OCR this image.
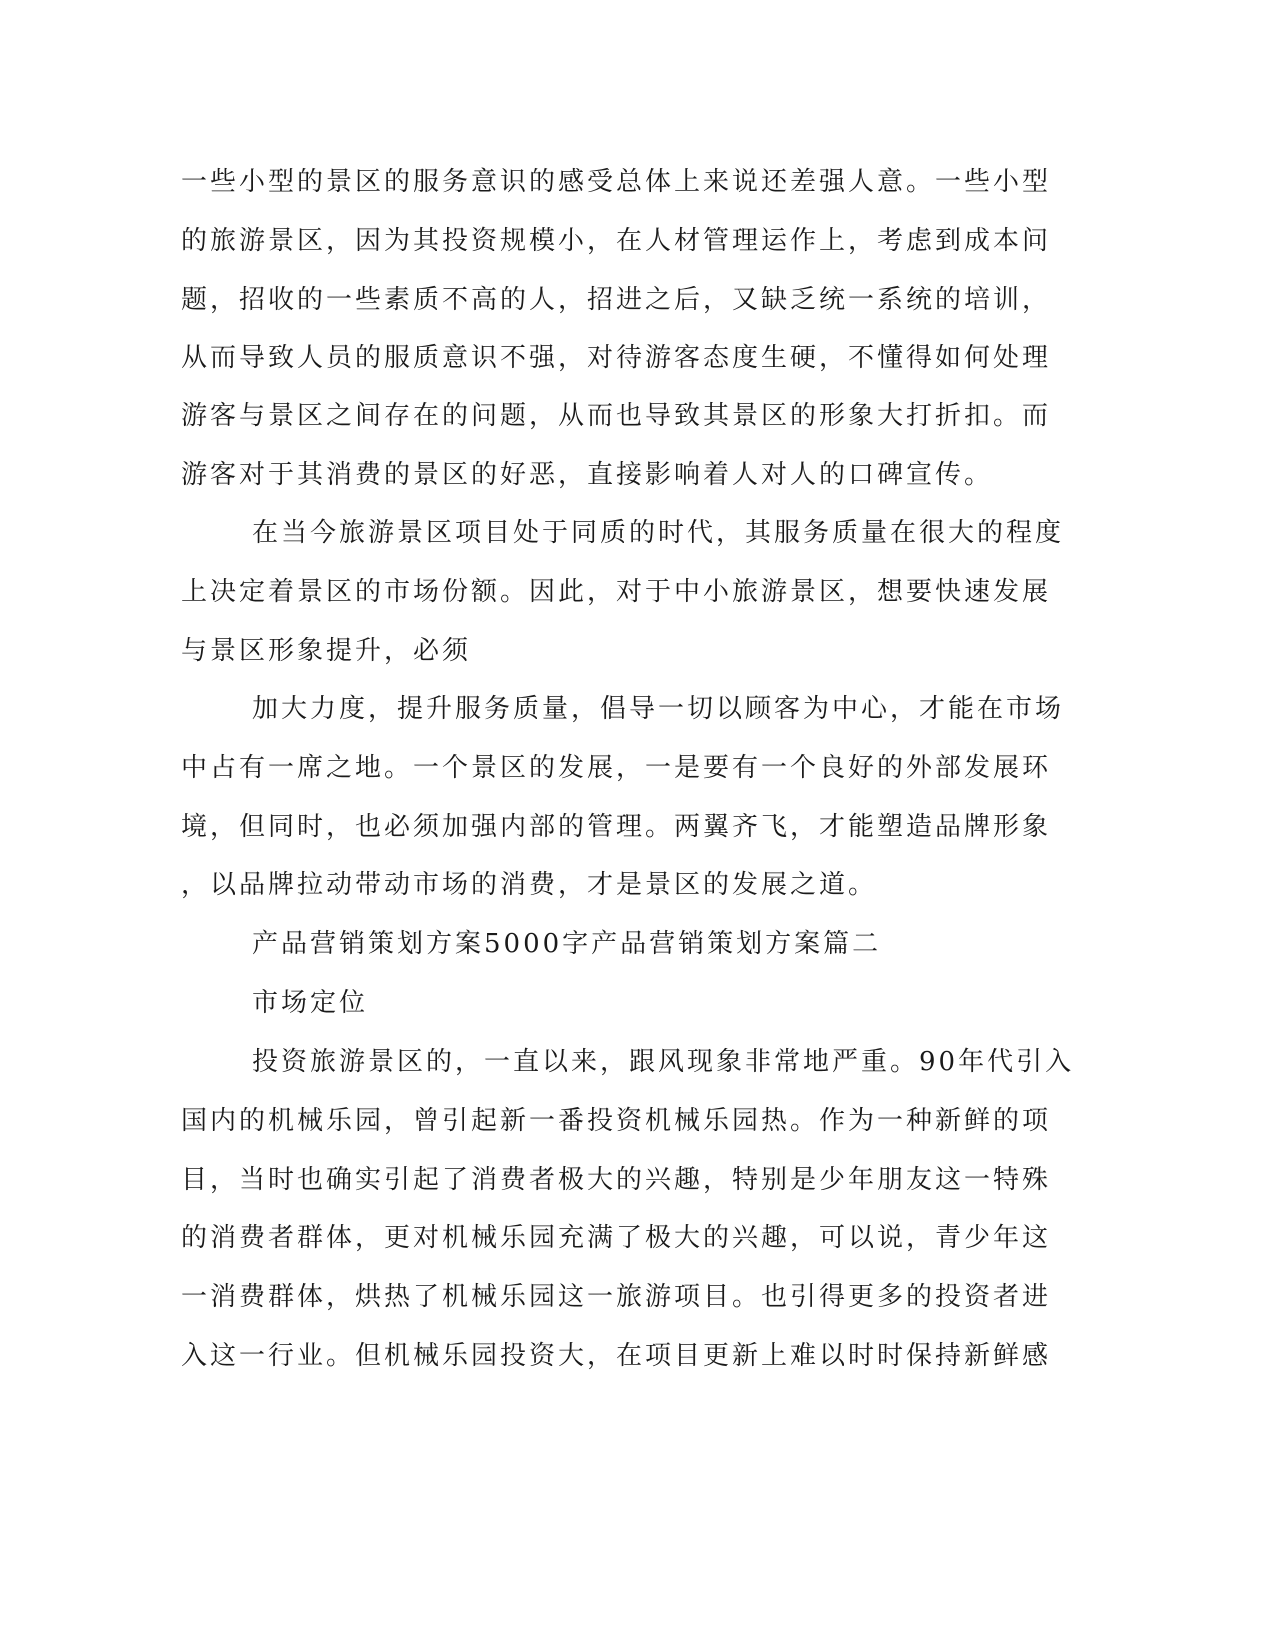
一些小型的景区的服务意识的感受总体上来说还差强人意。一些小型
的旅游景区，因为其投资规模小，在人材管理运作上，考虑到成本问
题，招收的一些素质不高的人，招进之后，又缺乏统一系统的培训，
从而导致人员的服质意识不强，对待游客态度生硬，不懂得如何处理
游客与景区之间存在的问题，从而也导致其景区的形象大打折扣。而
游客对于其消费的景区的好恶，直接影响着人对人的口碑宣传。
在当今旅游景区项目处于同质的时代，其服务质量在很大的程度
上决定着景区的市场份额。因此，对于中小旅游景区，想要快速发展
与景区形象提升，必须
加大力度，提升服务质量，倡导一切以顾客为中心，才能在市场
中占有一席之地。一个景区的发展，一是要有一个良好的外部发展环
境，但同时，也必须加强内部的管理。两翼齐飞，才能塑造品牌形象
，以品牌拉动带动市场的消费，才是景区的发展之道。
产品营销策划方案5000字产品营销策划方案篇二
市场定位
投资旅游景区的，一直以来，跟风现象非常地严重。90年代引入
国内的机械乐园，曾引起新一番投资机械乐园热。作为一种新鲜的项
目，当时也确实引起了消费者极大的兴趣，特别是少年朋友这一特殊
的消费者群体，更对机械乐园充满了极大的兴趣，可以说，青少年这
一消费群体，烘热了机械乐园这一旅游项目。也引得更多的投资者进
入这一行业。但机械乐园投资大，在项目更新上难以时时保持新鲜感
